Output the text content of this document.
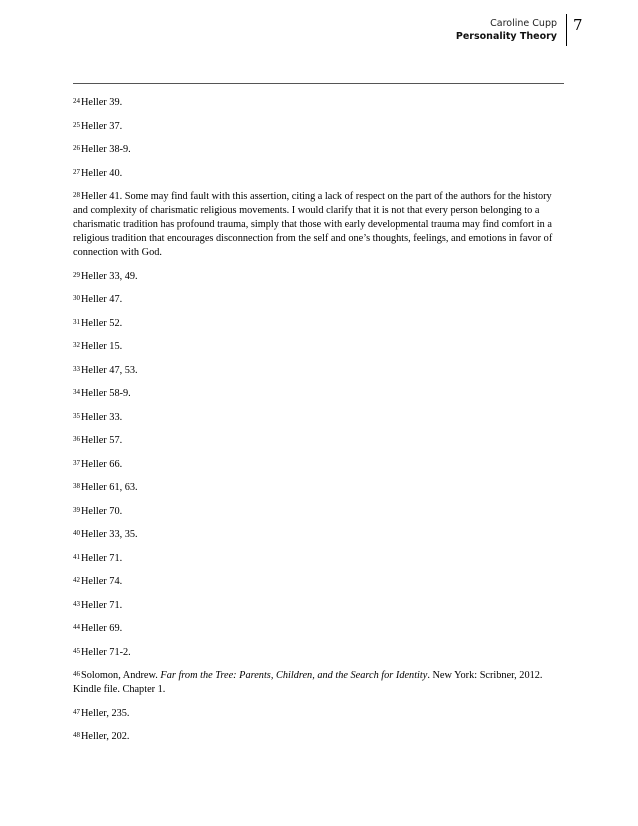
Caroline Cupp
Personality Theory
7
$^{24}$Heller 39.
$^{25}$Heller 37.
$^{26}$Heller 38-9.
$^{27}$Heller 40.
$^{28}$Heller 41. Some may find fault with this assertion, citing a lack of respect on the part of the authors for the history and complexity of charismatic religious movements. I would clarify that it is not that every person belonging to a charismatic tradition has profound trauma, simply that those with early developmental trauma may find comfort in a religious tradition that encourages disconnection from the self and one’s thoughts, feelings, and emotions in favor of connection with God.
$^{29}$Heller 33, 49.
$^{30}$Heller 47.
$^{31}$Heller 52.
$^{32}$Heller 15.
$^{33}$Heller 47, 53.
$^{34}$Heller 58-9.
$^{35}$Heller 33.
$^{36}$Heller 57.
$^{37}$Heller 66.
$^{38}$Heller 61, 63.
$^{39}$Heller 70.
$^{40}$Heller 33, 35.
$^{41}$Heller 71.
$^{42}$Heller 74.
$^{43}$Heller 71.
$^{44}$Heller 69.
$^{45}$Heller 71-2.
$^{46}$Solomon, Andrew. Far from the Tree: Parents, Children, and the Search for Identity. New York: Scribner, 2012. Kindle file. Chapter 1.
$^{47}$Heller, 235.
$^{48}$Heller, 202.
